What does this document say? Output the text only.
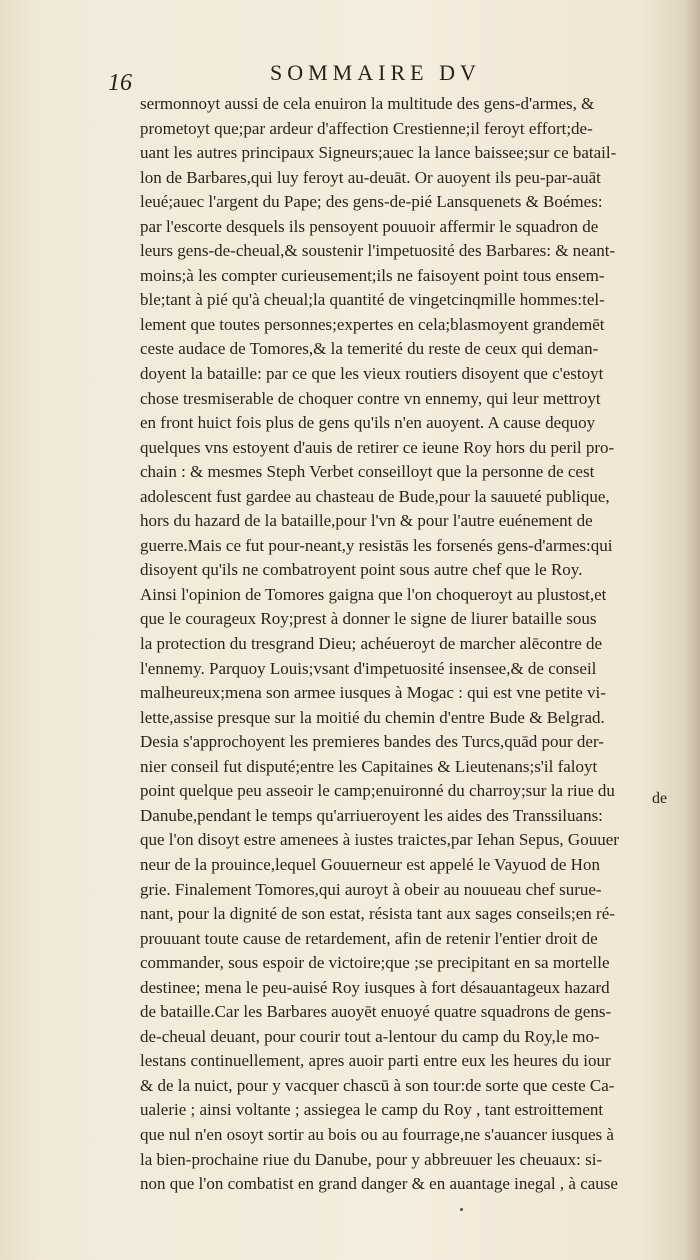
16	SOMMAIRE DV
sermonnoyt aussi de cela enuiron la multitude des gens-d'armes, &
prometoyt que;par ardeur d'affection Crestienne;il feroyt effort;de-
uant les autres principaux Signeurs;auec la lance baissee;sur ce batail-
lon de Barbares,qui luy feroyt au-deuāt. Or auoyent ils peu-par-auāt
leué;auec l'argent du Pape; des gens-de-pié Lansquenets & Boémes:
par l'escorte desquels ils pensoyent pouuoir affermir le squadron de
leurs gens-de-cheual,& soustenir l'impetuosité des Barbares: & neant-
moins;à les compter curieusement;ils ne faisoyent point tous ensem-
ble;tant à pié qu'à cheual;la quantité de vingetcinqmille hommes:tel-
lement que toutes personnes;expertes en cela;blasmoyent grandemēt
ceste audace de Tomores,& la temerité du reste de ceux qui deman-
doyent la bataille: par ce que les vieux routiers disoyent que c'estoyt
chose tresmiserable de choquer contre vn ennemy, qui leur mettroyt
en front huict fois plus de gens qu'ils n'en auoyent. A cause dequoy
quelques vns estoyent d'auis de retirer ce ieune Roy hors du peril pro-
chain : & mesmes Steph Verbet conseilloyt que la personne de cest
adolescent fust gardee au chasteau de Bude,pour la sauueté publique,
hors du hazard de la bataille,pour l'vn & pour l'autre euénement de
guerre.Mais ce fut pour-neant,y resistās les forsenés gens-d'armes:qui
disoyent qu'ils ne combatroyent point sous autre chef que le Roy.
Ainsi l'opinion de Tomores gaigna que l'on choqueroyt au plustost,et
que le courageux Roy;prest à donner le signe de liurer bataille sous
la protection du tresgrand Dieu; achéueroyt de marcher alēcontre de
l'ennemy. Parquoy Louis;vsant d'impetuosité insensee,& de conseil
malheureux;mena son armee iusques à Mogac : qui est vne petite vi-
lette,assise presque sur la moitié du chemin d'entre Bude & Belgrad.
Desia s'approchoyent les premieres bandes des Turcs,quād pour der-
nier conseil fut disputé;entre les Capitaines & Lieutenans;s'il faloyt
point quelque peu asseoir le camp;enuironné du charroy;sur la riue du
Danube,pendant le temps qu'arriueroyent les aides des Transsiluans:
que l'on disoyt estre amenees à iustes traictes,par Iehan Sepus, Gouuer
neur de la prouince,lequel Gouuerneur est appelé le Vayuod de Hon
grie. Finalement Tomores,qui auroyt à obeir au nouueau chef surue-
nant, pour la dignité de son estat, résista tant aux sages conseils;en ré-
prouuant toute cause de retardement, afin de retenir l'entier droit de
commander, sous espoir de victoire;que ;se precipitant en sa mortelle
destinee; mena le peu-auisé Roy iusques à fort désauantageux hazard
de bataille.Car les Barbares auoyēt enuoyé quatre squadrons de gens-
de-cheual deuant, pour courir tout a-lentour du camp du Roy,le mo-
lestans continuellement, apres auoir parti entre eux les heures du iour
& de la nuict, pour y vacquer chascū à son tour:de sorte que ceste Ca-
ualerie ; ainsi voltante ; assiegea le camp du Roy , tant estroittement
que nul n'en osoyt sortir au bois ou au fourrage,ne s'auancer iusques à
la bien-prochaine riue du Danube, pour y abbreuuer les cheuaux: si-
non que l'on combatist en grand danger & en auantage inegal , à cause
de
